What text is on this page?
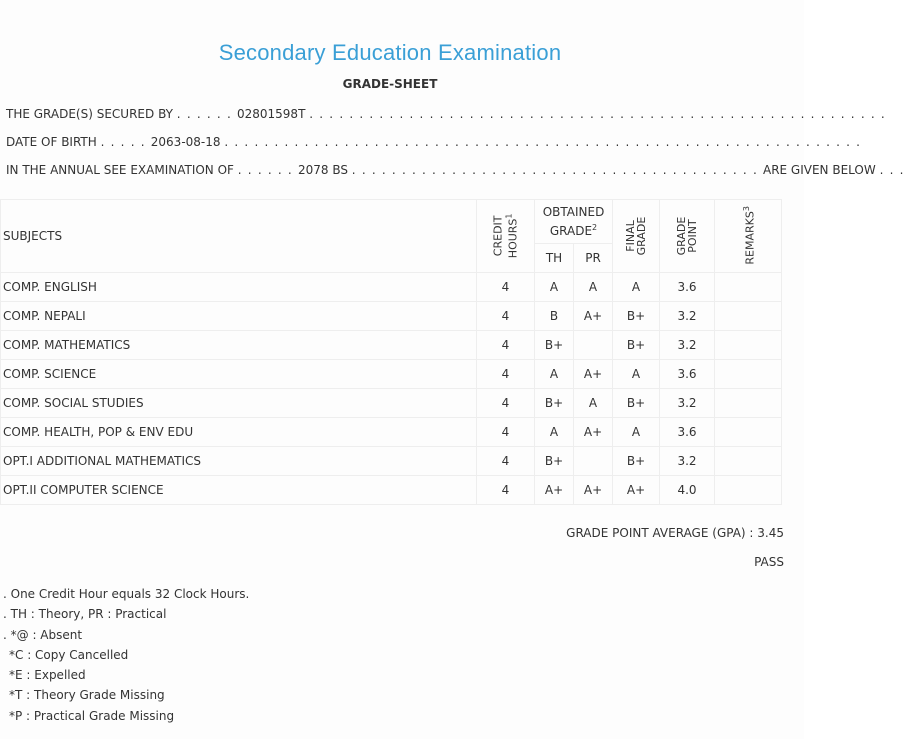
Secondary Education Examination
GRADE-SHEET
THE GRADE(S) SECURED BY . . . . . . 02801598T . . . . . . . . . . . . . . . . . . . . . . . . . . . . . . . . . . . . . . . . . . . . . . . . . . . . . . . . . .
DATE OF BIRTH . . . . . 2063-08-18 . . . . . . . . . . . . . . . . . . . . . . . . . . . . . . . . . . . . . . . . . . . . . . . . . . . . . . . . . . . . . . . .
IN THE ANNUAL SEE EXAMINATION OF . . . . . . 2078 BS . . . . . . . . . . . . . . . . . . . . . . . . . . . . . . . . . . . . . . . . . ARE GIVEN BELOW . . .
SUBJECTS	CREDIT HOURS$^1$	OBTAINED GRADE$^2$		FINAL GRADE	GRADE POINT	REMARKS$^3$
		TH	PR			
COMP. ENGLISH	4	A	A	A	3.6	
COMP. NEPALI	4	B	A+	B+	3.2	
COMP. MATHEMATICS	4	B+		B+	3.2	
COMP. SCIENCE	4	A	A+	A	3.6	
COMP. SOCIAL STUDIES	4	B+	A	B+	3.2	
COMP. HEALTH, POP & ENV EDU	4	A	A+	A	3.6	
OPT.I ADDITIONAL MATHEMATICS	4	B+		B+	3.2	
OPT.II COMPUTER SCIENCE	4	A+	A+	A+	4.0	
GRADE POINT AVERAGE (GPA) : 3.45
PASS
. One Credit Hour equals 32 Clock Hours.
. TH : Theory, PR : Practical
. *@ : Absent
*C : Copy Cancelled
*E : Expelled
*T : Theory Grade Missing
*P : Practical Grade Missing
